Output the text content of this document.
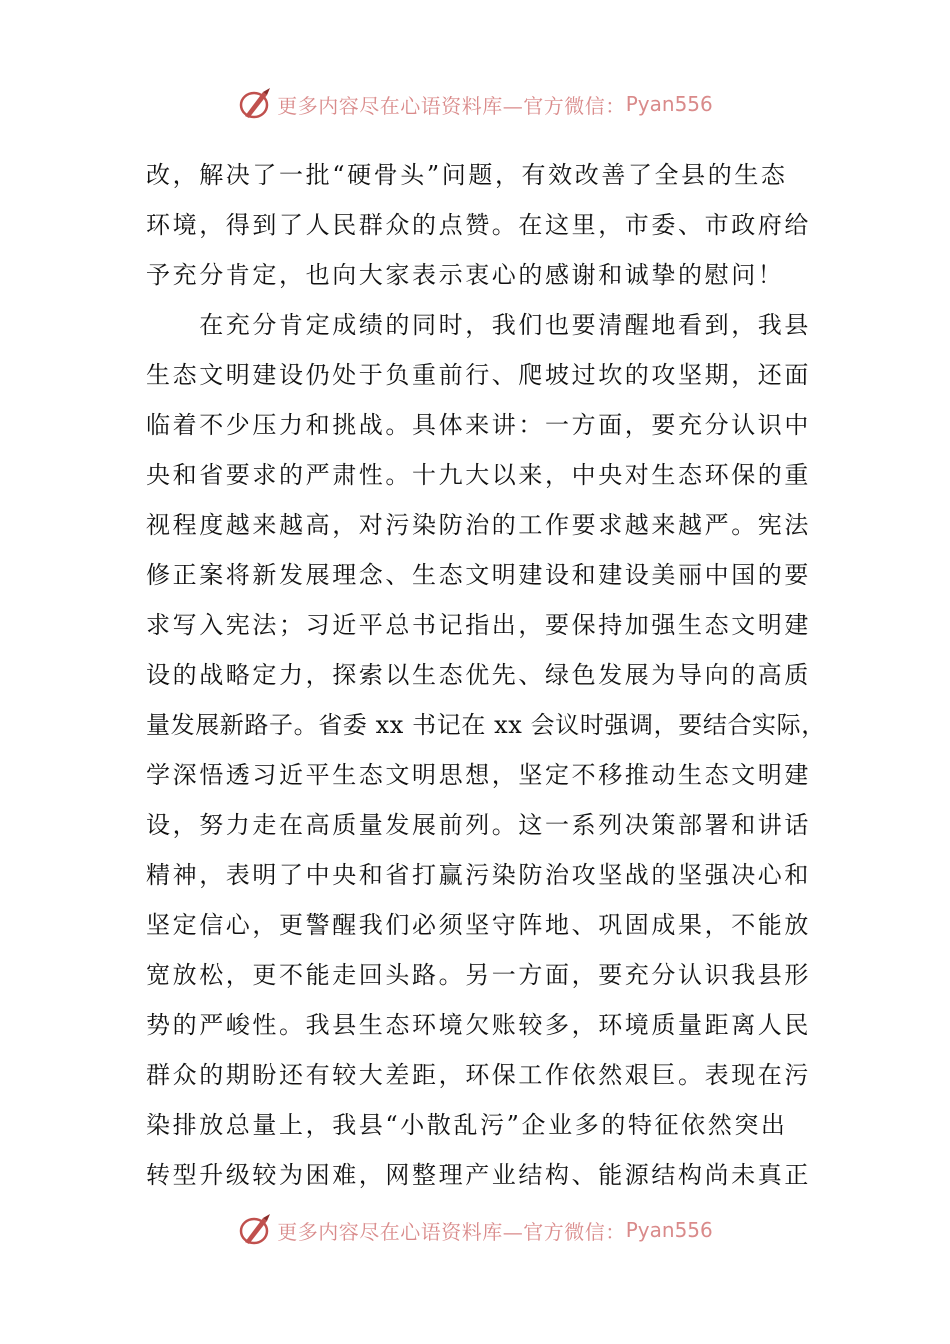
更多内容尽在心语资料库—官方微信： Pyan556
改，解决了一批“硬骨头”问题，有效改善了全县的生态
环境，得到了人民群众的点赞。在这里，市委、市政府给
予充分肯定，也向大家表示衷心的感谢和诚挚的慰问！
　　在充分肯定成绩的同时，我们也要清醒地看到，我县
生态文明建设仍处于负重前行、爬坡过坎的攻坚期，还面
临着不少压力和挑战。具体来讲：一方面，要充分认识中
央和省要求的严肃性。十九大以来，中央对生态环保的重
视程度越来越高，对污染防治的工作要求越来越严。宪法
修正案将新发展理念、生态文明建设和建设美丽中国的要
求写入宪法；习近平总书记指出，要保持加强生态文明建
设的战略定力，探索以生态优先、绿色发展为导向的高质
量发展新路子。省委 xx 书记在 xx 会议时强调，要结合实际，
学深悟透习近平生态文明思想，坚定不移推动生态文明建
设，努力走在高质量发展前列。这一系列决策部署和讲话
精神，表明了中央和省打赢污染防治攻坚战的坚强决心和
坚定信心，更警醒我们必须坚守阵地、巩固成果，不能放
宽放松，更不能走回头路。另一方面，要充分认识我县形
势的严峻性。我县生态环境欠账较多，环境质量距离人民
群众的期盼还有较大差距，环保工作依然艰巨。表现在污
染排放总量上，我县“小散乱污”企业多的特征依然突出
转型升级较为困难，网整理产业结构、能源结构尚未真正
更多内容尽在心语资料库—官方微信： Pyan556
